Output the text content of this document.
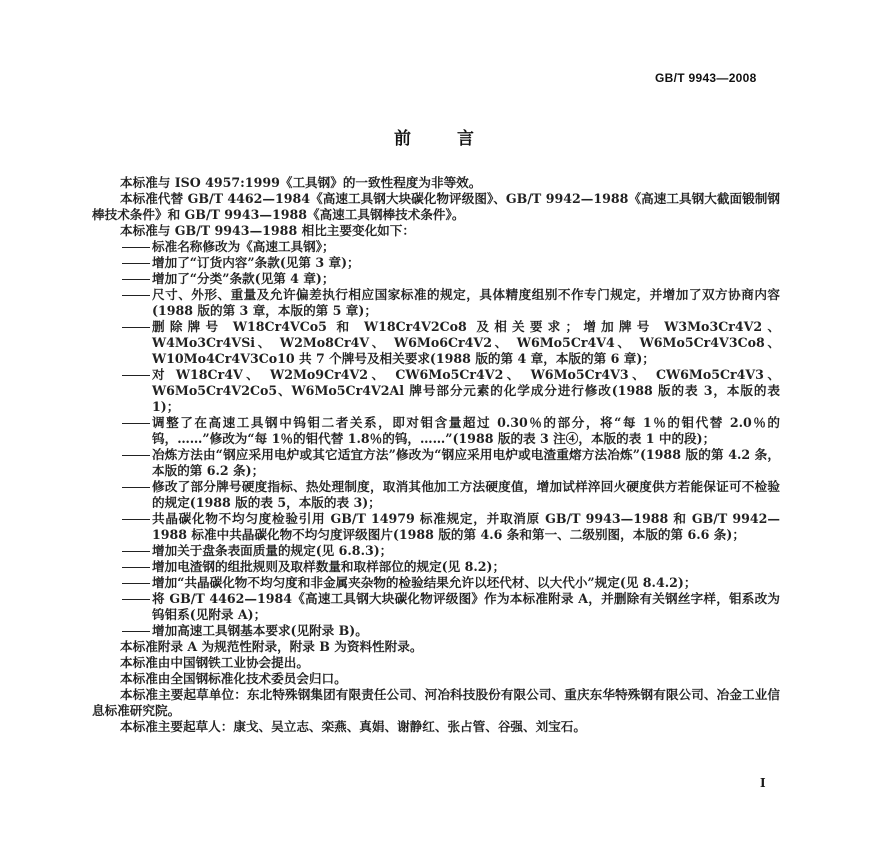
GB/T 9943—2008
前	言

本标准与 ISO 4957:1999《工具钢》的一致性程度为非等效。

本标准代替 GB/T 4462—1984《高速工具钢大块碳化物评级图》、GB/T 9942—1988《高速工具钢大截面锻制钢棒技术条件》和 GB/T 9943—1988《高速工具钢棒技术条件》。

本标准与 GB/T 9943—1988 相比主要变化如下：

标准名称修改为《高速工具钢》；

增加了“订货内容”条款(见第 3 章)；

增加了“分类”条款(见第 4 章)；

尺寸、外形、重量及允许偏差执行相应国家标准的规定，具体精度组别不作专门规定，并增加了双方协商内容(1988 版的第 3 章，本版的第 5 章)；

删除牌号 W18Cr4VCo5 和 W18Cr4V2Co8 及相关要求；增加牌号 W3Mo3Cr4V2、W4Mo3Cr4VSi、 W2Mo8Cr4V、 W6Mo6Cr4V2、 W6Mo5Cr4V4、 W6Mo5Cr4V3Co8、W10Mo4Cr4V3Co10 共 7 个牌号及相关要求(1988 版的第 4 章，本版的第 6 章)；

对 W18Cr4V、 W2Mo9Cr4V2、 CW6Mo5Cr4V2、 W6Mo5Cr4V3、 CW6Mo5Cr4V3、W6Mo5Cr4V2Co5、W6Mo5Cr4V2Al 牌号部分元素的化学成分进行修改(1988 版的表 3，本版的表 1)；

调整了在高速工具钢中钨钼二者关系，即对钼含量超过 0.30％的部分，将“每 1％的钼代替 2.0％的钨，……”修改为“每 1％的钼代替 1.8％的钨，……”(1988 版的表 3 注④，本版的表 1 中的段)；

冶炼方法由“钢应采用电炉或其它适宜方法”修改为“钢应采用电炉或电渣重熔方法冶炼”(1988 版的第 4.2 条，本版的第 6.2 条)；

修改了部分牌号硬度指标、热处理制度，取消其他加工方法硬度值，增加试样淬回火硬度供方若能保证可不检验的规定(1988 版的表 5，本版的表 3)；

共晶碳化物不均匀度检验引用 GB/T 14979 标准规定，并取消原 GB/T 9943—1988 和 GB/T 9942—1988 标准中共晶碳化物不均匀度评级图片(1988 版的第 4.6 条和第一、二级别图，本版的第 6.6 条)；

增加关于盘条表面质量的规定(见 6.8.3)；

增加电渣钢的组批规则及取样数量和取样部位的规定(见 8.2)；

增加“共晶碳化物不均匀度和非金属夹杂物的检验结果允许以坯代材、以大代小”规定(见 8.4.2)；

将 GB/T 4462—1984《高速工具钢大块碳化物评级图》作为本标准附录 A，并删除有关钢丝字样，钼系改为钨钼系(见附录 A)；

增加高速工具钢基本要求(见附录 B)。

本标准附录 A 为规范性附录，附录 B 为资料性附录。

本标准由中国钢铁工业协会提出。

本标准由全国钢标准化技术委员会归口。

本标准主要起草单位：东北特殊钢集团有限责任公司、河冶科技股份有限公司、重庆东华特殊钢有限公司、冶金工业信息标准研究院。

本标准主要起草人：康戈、吴立志、栾燕、真娟、谢静红、张占管、谷强、刘宝石。

I
